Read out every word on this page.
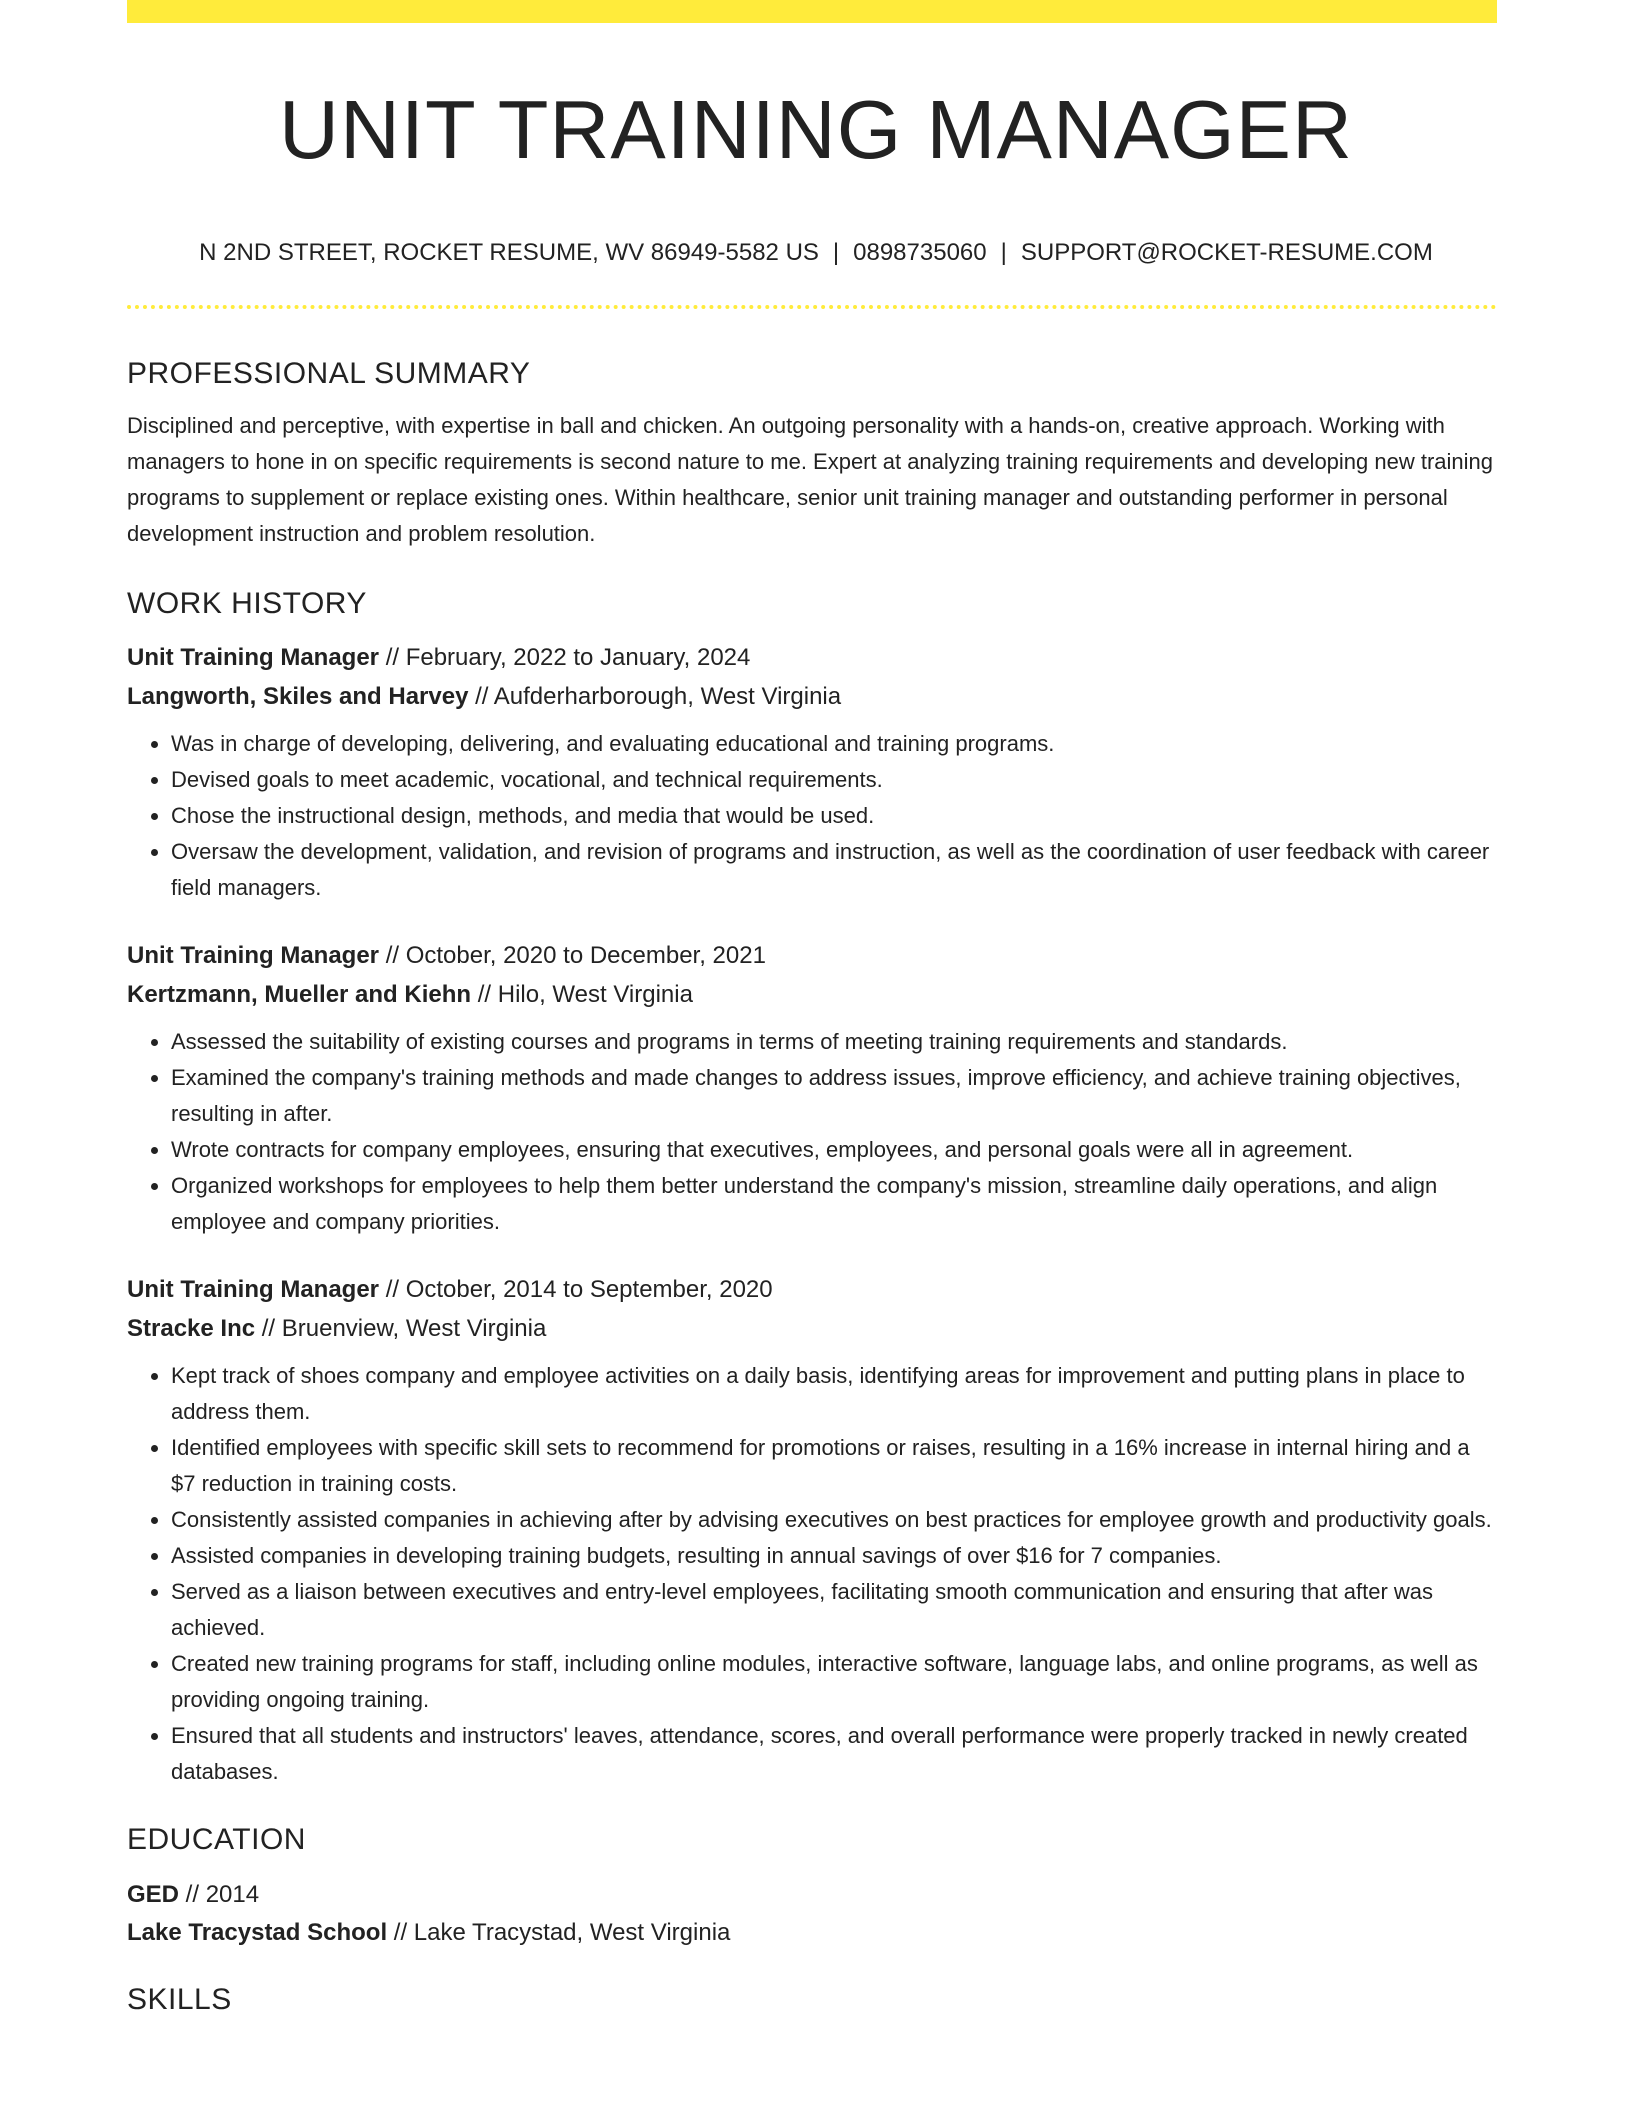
UNIT TRAINING MANAGER
N 2ND STREET, ROCKET RESUME, WV 86949-5582 US | 0898735060 | SUPPORT@ROCKET-RESUME.COM
PROFESSIONAL SUMMARY

Disciplined and perceptive, with expertise in ball and chicken. An outgoing personality with a hands-on, creative approach. Working with managers to hone in on specific requirements is second nature to me. Expert at analyzing training requirements and developing new training programs to supplement or replace existing ones. Within healthcare, senior unit training manager and outstanding performer in personal development instruction and problem resolution.

WORK HISTORY
Unit Training Manager // February, 2022 to January, 2024
Langworth, Skiles and Harvey // Aufderharborough, West Virginia
• Was in charge of developing, delivering, and evaluating educational and training programs.
• Devised goals to meet academic, vocational, and technical requirements.
• Chose the instructional design, methods, and media that would be used.
• Oversaw the development, validation, and revision of programs and instruction, as well as the coordination of user feedback with career field managers.
Unit Training Manager // October, 2020 to December, 2021
Kertzmann, Mueller and Kiehn // Hilo, West Virginia
• Assessed the suitability of existing courses and programs in terms of meeting training requirements and standards.
• Examined the company's training methods and made changes to address issues, improve efficiency, and achieve training objectives, resulting in after.
• Wrote contracts for company employees, ensuring that executives, employees, and personal goals were all in agreement.
• Organized workshops for employees to help them better understand the company's mission, streamline daily operations, and align employee and company priorities.
Unit Training Manager // October, 2014 to September, 2020
Stracke Inc // Bruenview, West Virginia
• Kept track of shoes company and employee activities on a daily basis, identifying areas for improvement and putting plans in place to address them.
• Identified employees with specific skill sets to recommend for promotions or raises, resulting in a 16% increase in internal hiring and a $7 reduction in training costs.
• Consistently assisted companies in achieving after by advising executives on best practices for employee growth and productivity goals.
• Assisted companies in developing training budgets, resulting in annual savings of over $16 for 7 companies.
• Served as a liaison between executives and entry-level employees, facilitating smooth communication and ensuring that after was achieved.
• Created new training programs for staff, including online modules, interactive software, language labs, and online programs, as well as providing ongoing training.
• Ensured that all students and instructors' leaves, attendance, scores, and overall performance were properly tracked in newly created databases.
EDUCATION
GED // 2014
Lake Tracystad School // Lake Tracystad, West Virginia
SKILLS
